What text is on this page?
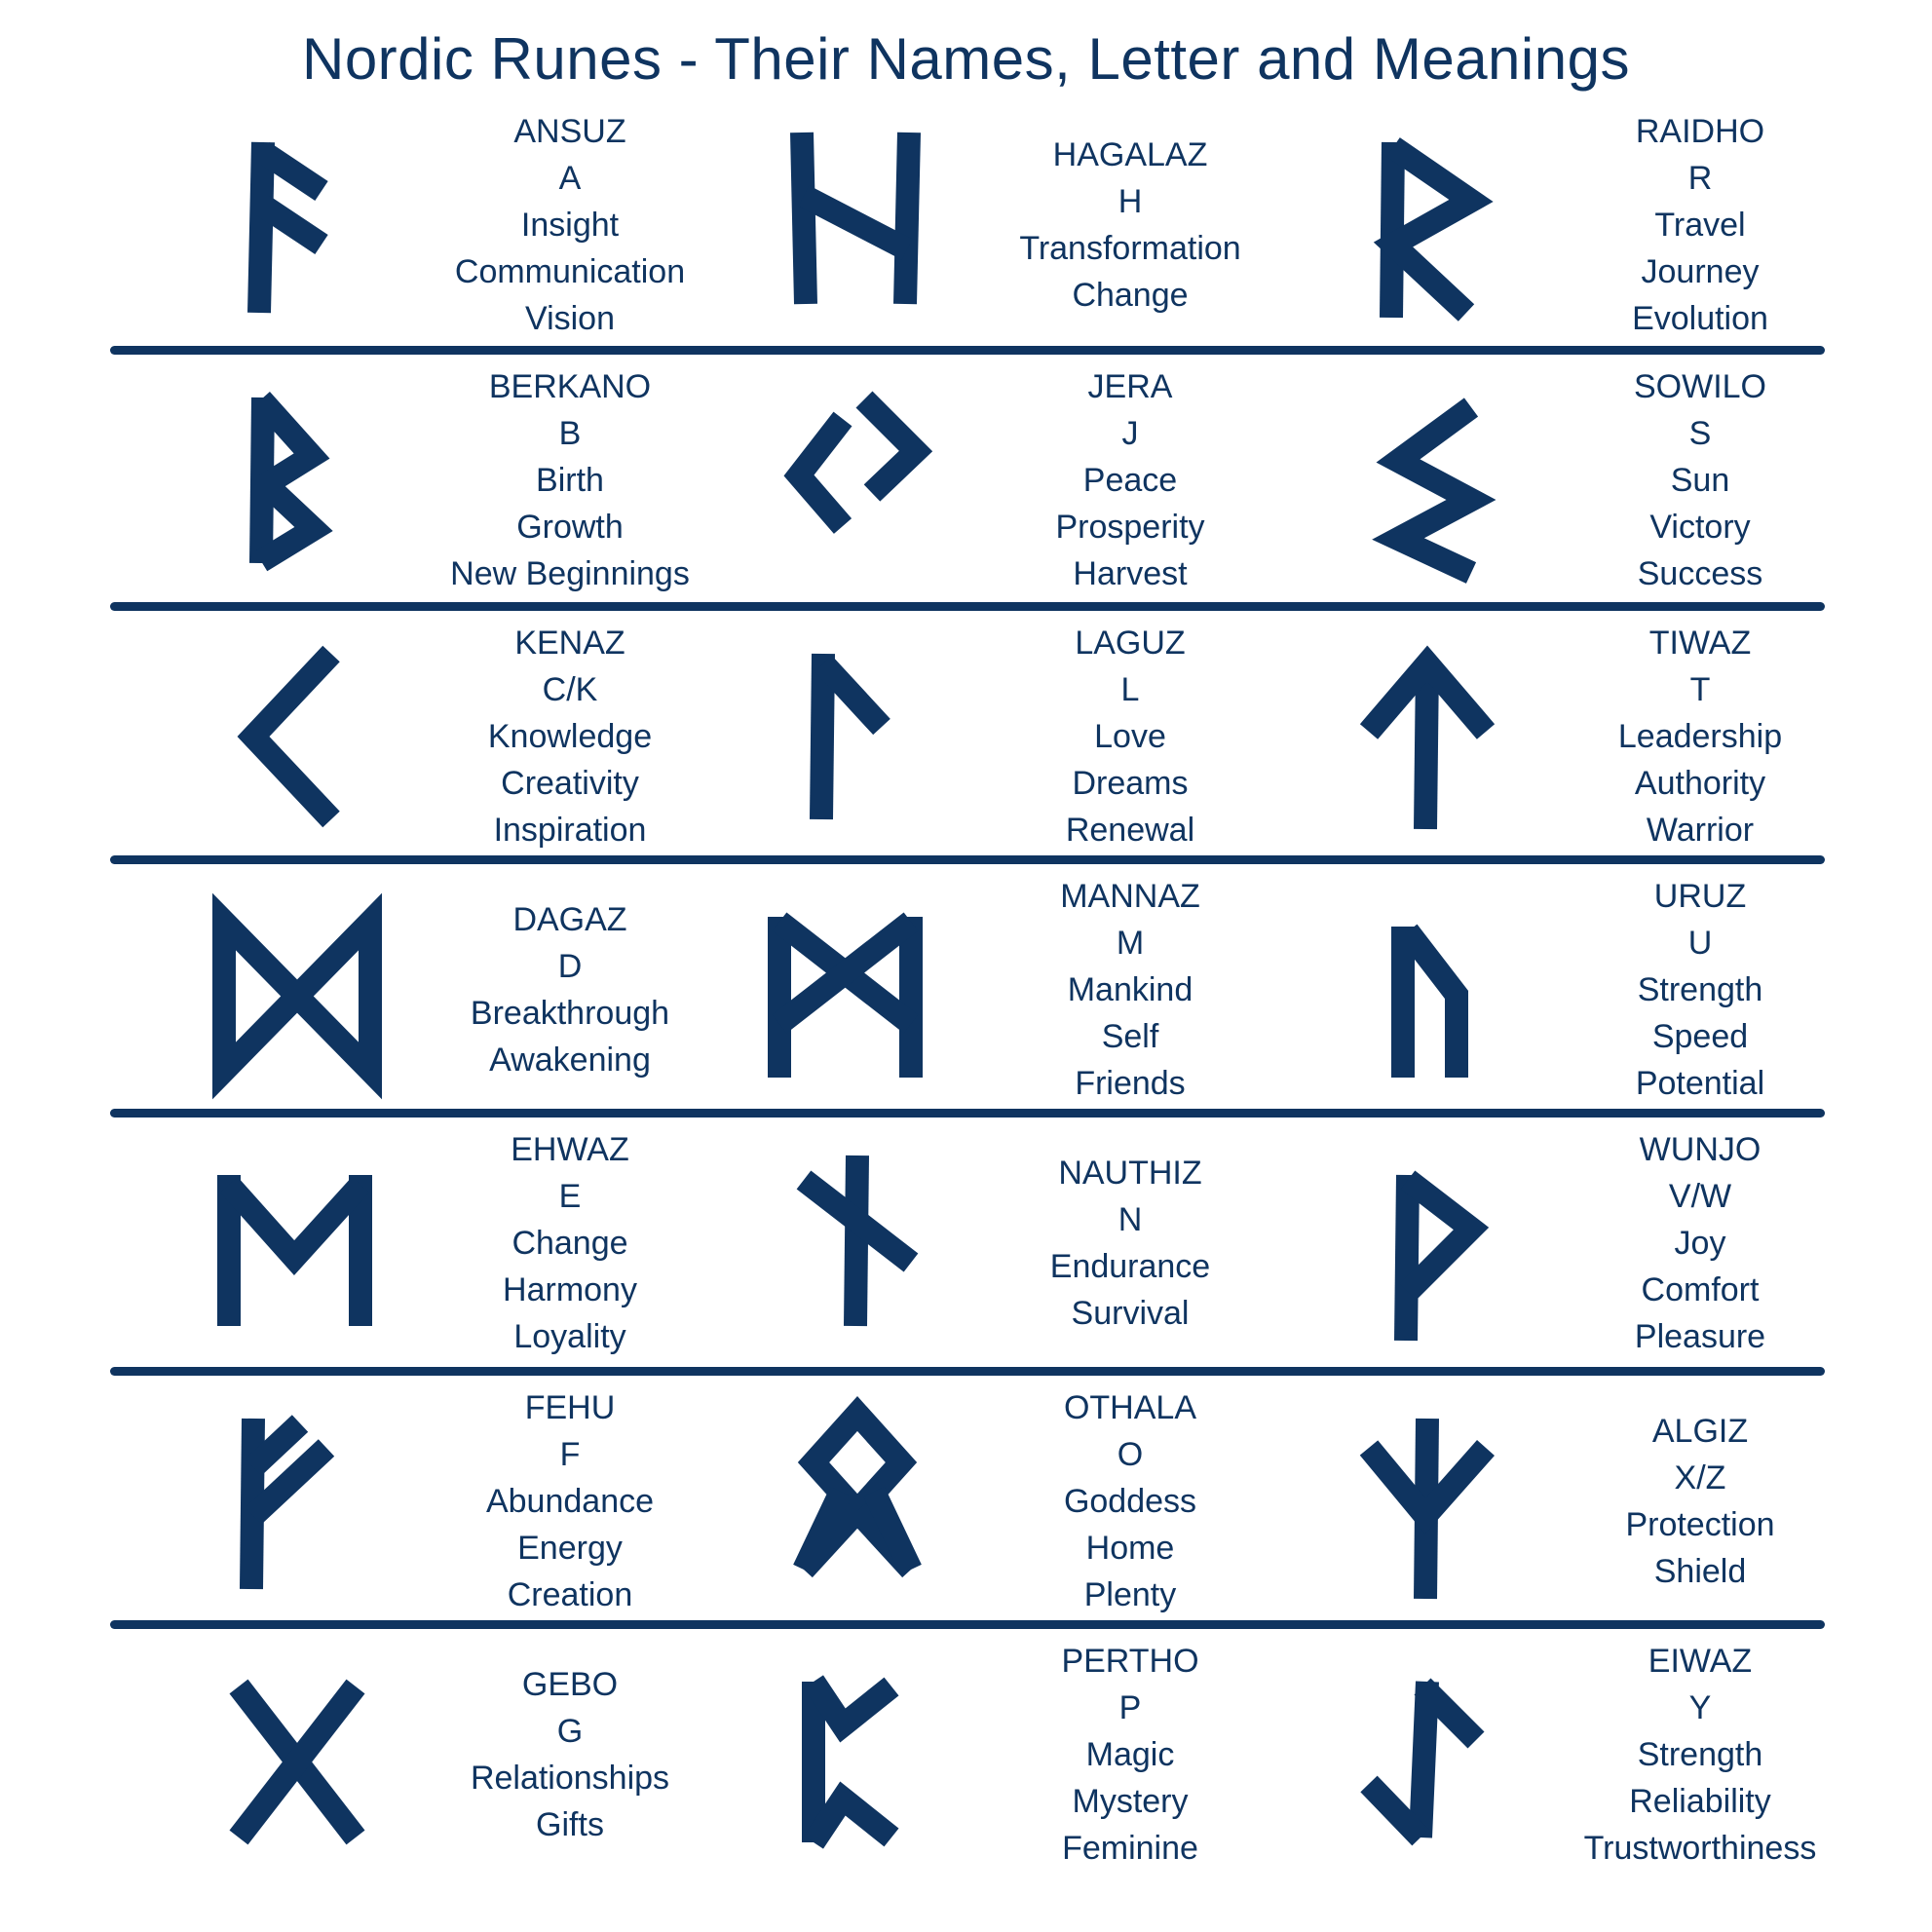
Nordic Runes - Their Names, Letter and Meanings
ANSUZ
A
Insight
Communication
Vision
HAGALAZ
H
Transformation
Change
RAIDHO
R
Travel
Journey
Evolution
BERKANO
B
Birth
Growth
New Beginnings
JERA
J
Peace
Prosperity
Harvest
SOWILO
S
Sun
Victory
Success
KENAZ
C/K
Knowledge
Creativity
Inspiration
LAGUZ
L
Love
Dreams
Renewal
TIWAZ
T
Leadership
Authority
Warrior
DAGAZ
D
Breakthrough
Awakening
MANNAZ
M
Mankind
Self
Friends
URUZ
U
Strength
Speed
Potential
EHWAZ
E
Change
Harmony
Loyality
NAUTHIZ
N
Endurance
Survival
WUNJO
V/W
Joy
Comfort
Pleasure
FEHU
F
Abundance
Energy
Creation
OTHALA
O
Goddess
Home
Plenty
ALGIZ
X/Z
Protection
Shield
GEBO
G
Relationships
Gifts
PERTHO
P
Magic
Mystery
Feminine
EIWAZ
Y
Strength
Reliability
Trustworthiness
